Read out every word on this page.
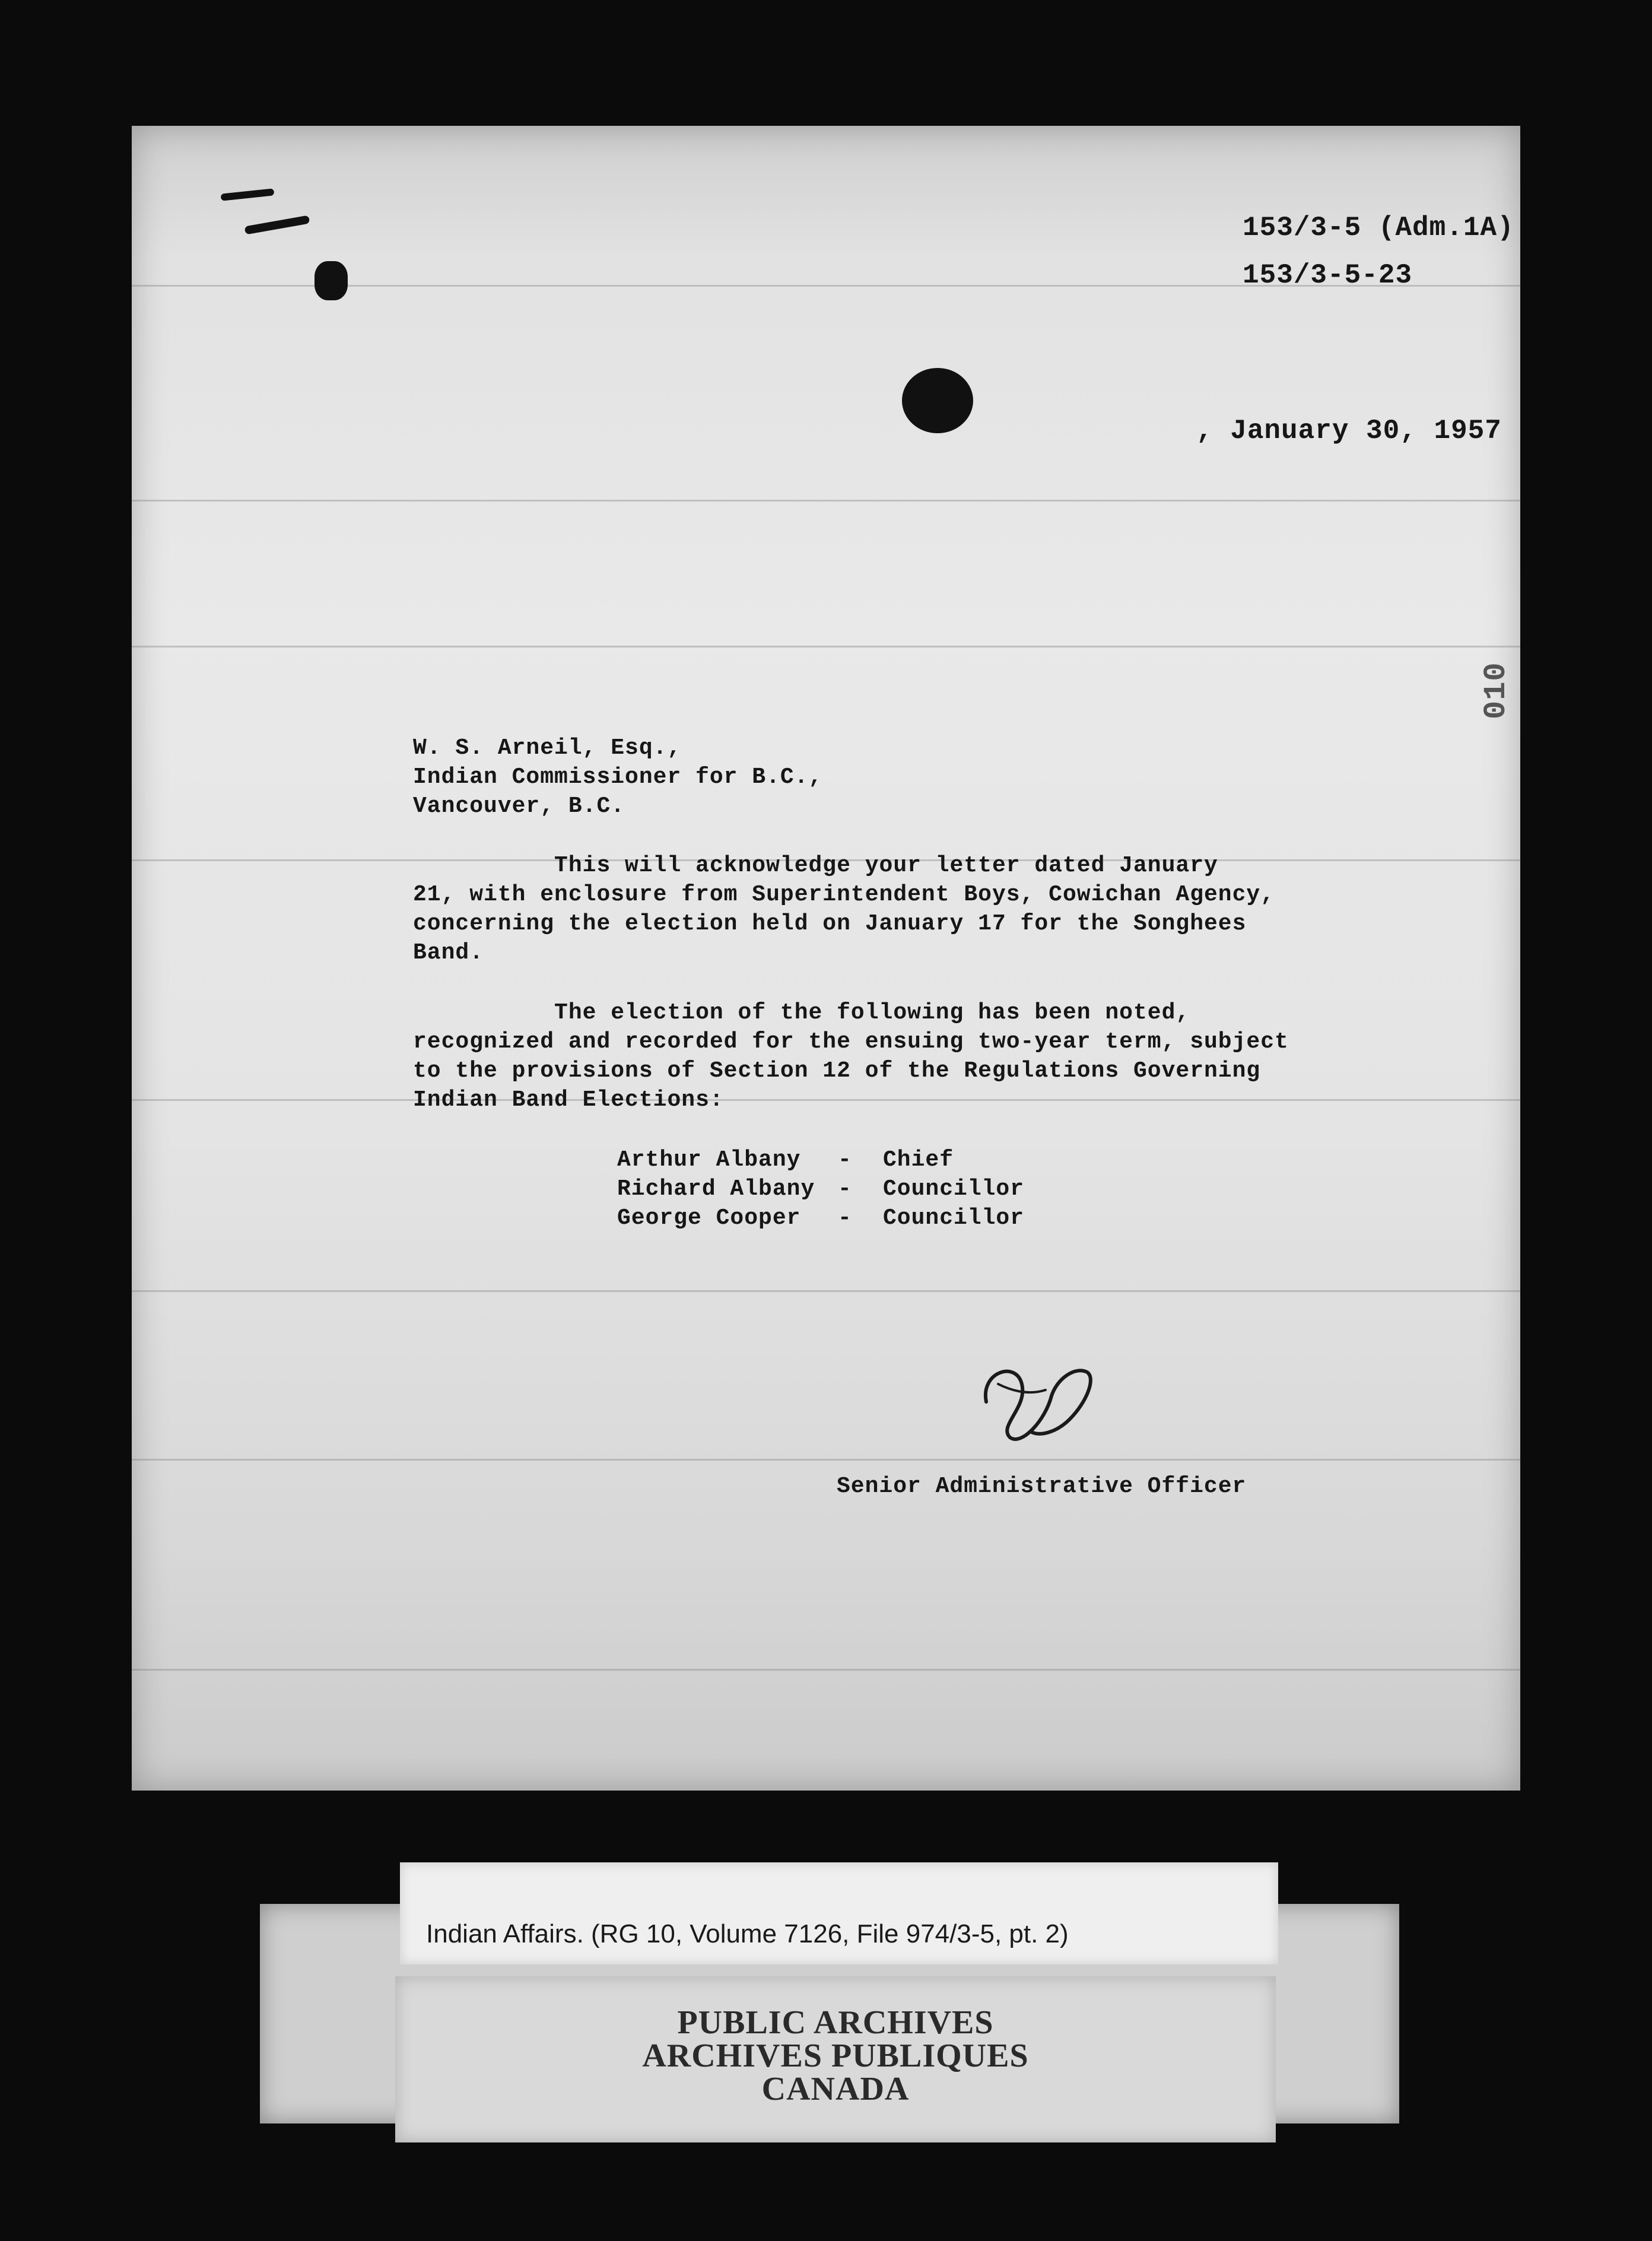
153/3-5 (Adm.1A)
153/3-5-23
, January 30, 1957
010
W. S. Arneil, Esq.,
Indian Commissioner for B.C.,
Vancouver, B.C.
This will acknowledge your letter dated January
21, with enclosure from Superintendent Boys, Cowichan Agency,
concerning the election held on January 17 for the Songhees
Band.
The election of the following has been noted,
recognized and recorded for the ensuing two-year term, subject
to the provisions of Section 12 of the Regulations Governing
Indian Band Elections:
Arthur Albany - Chief
Richard Albany - Councillor
George Cooper - Councillor
Senior Administrative Officer
Indian Affairs. (RG 10, Volume 7126, File 974/3-5, pt. 2)
PUBLIC ARCHIVES
ARCHIVES PUBLIQUES
CANADA
